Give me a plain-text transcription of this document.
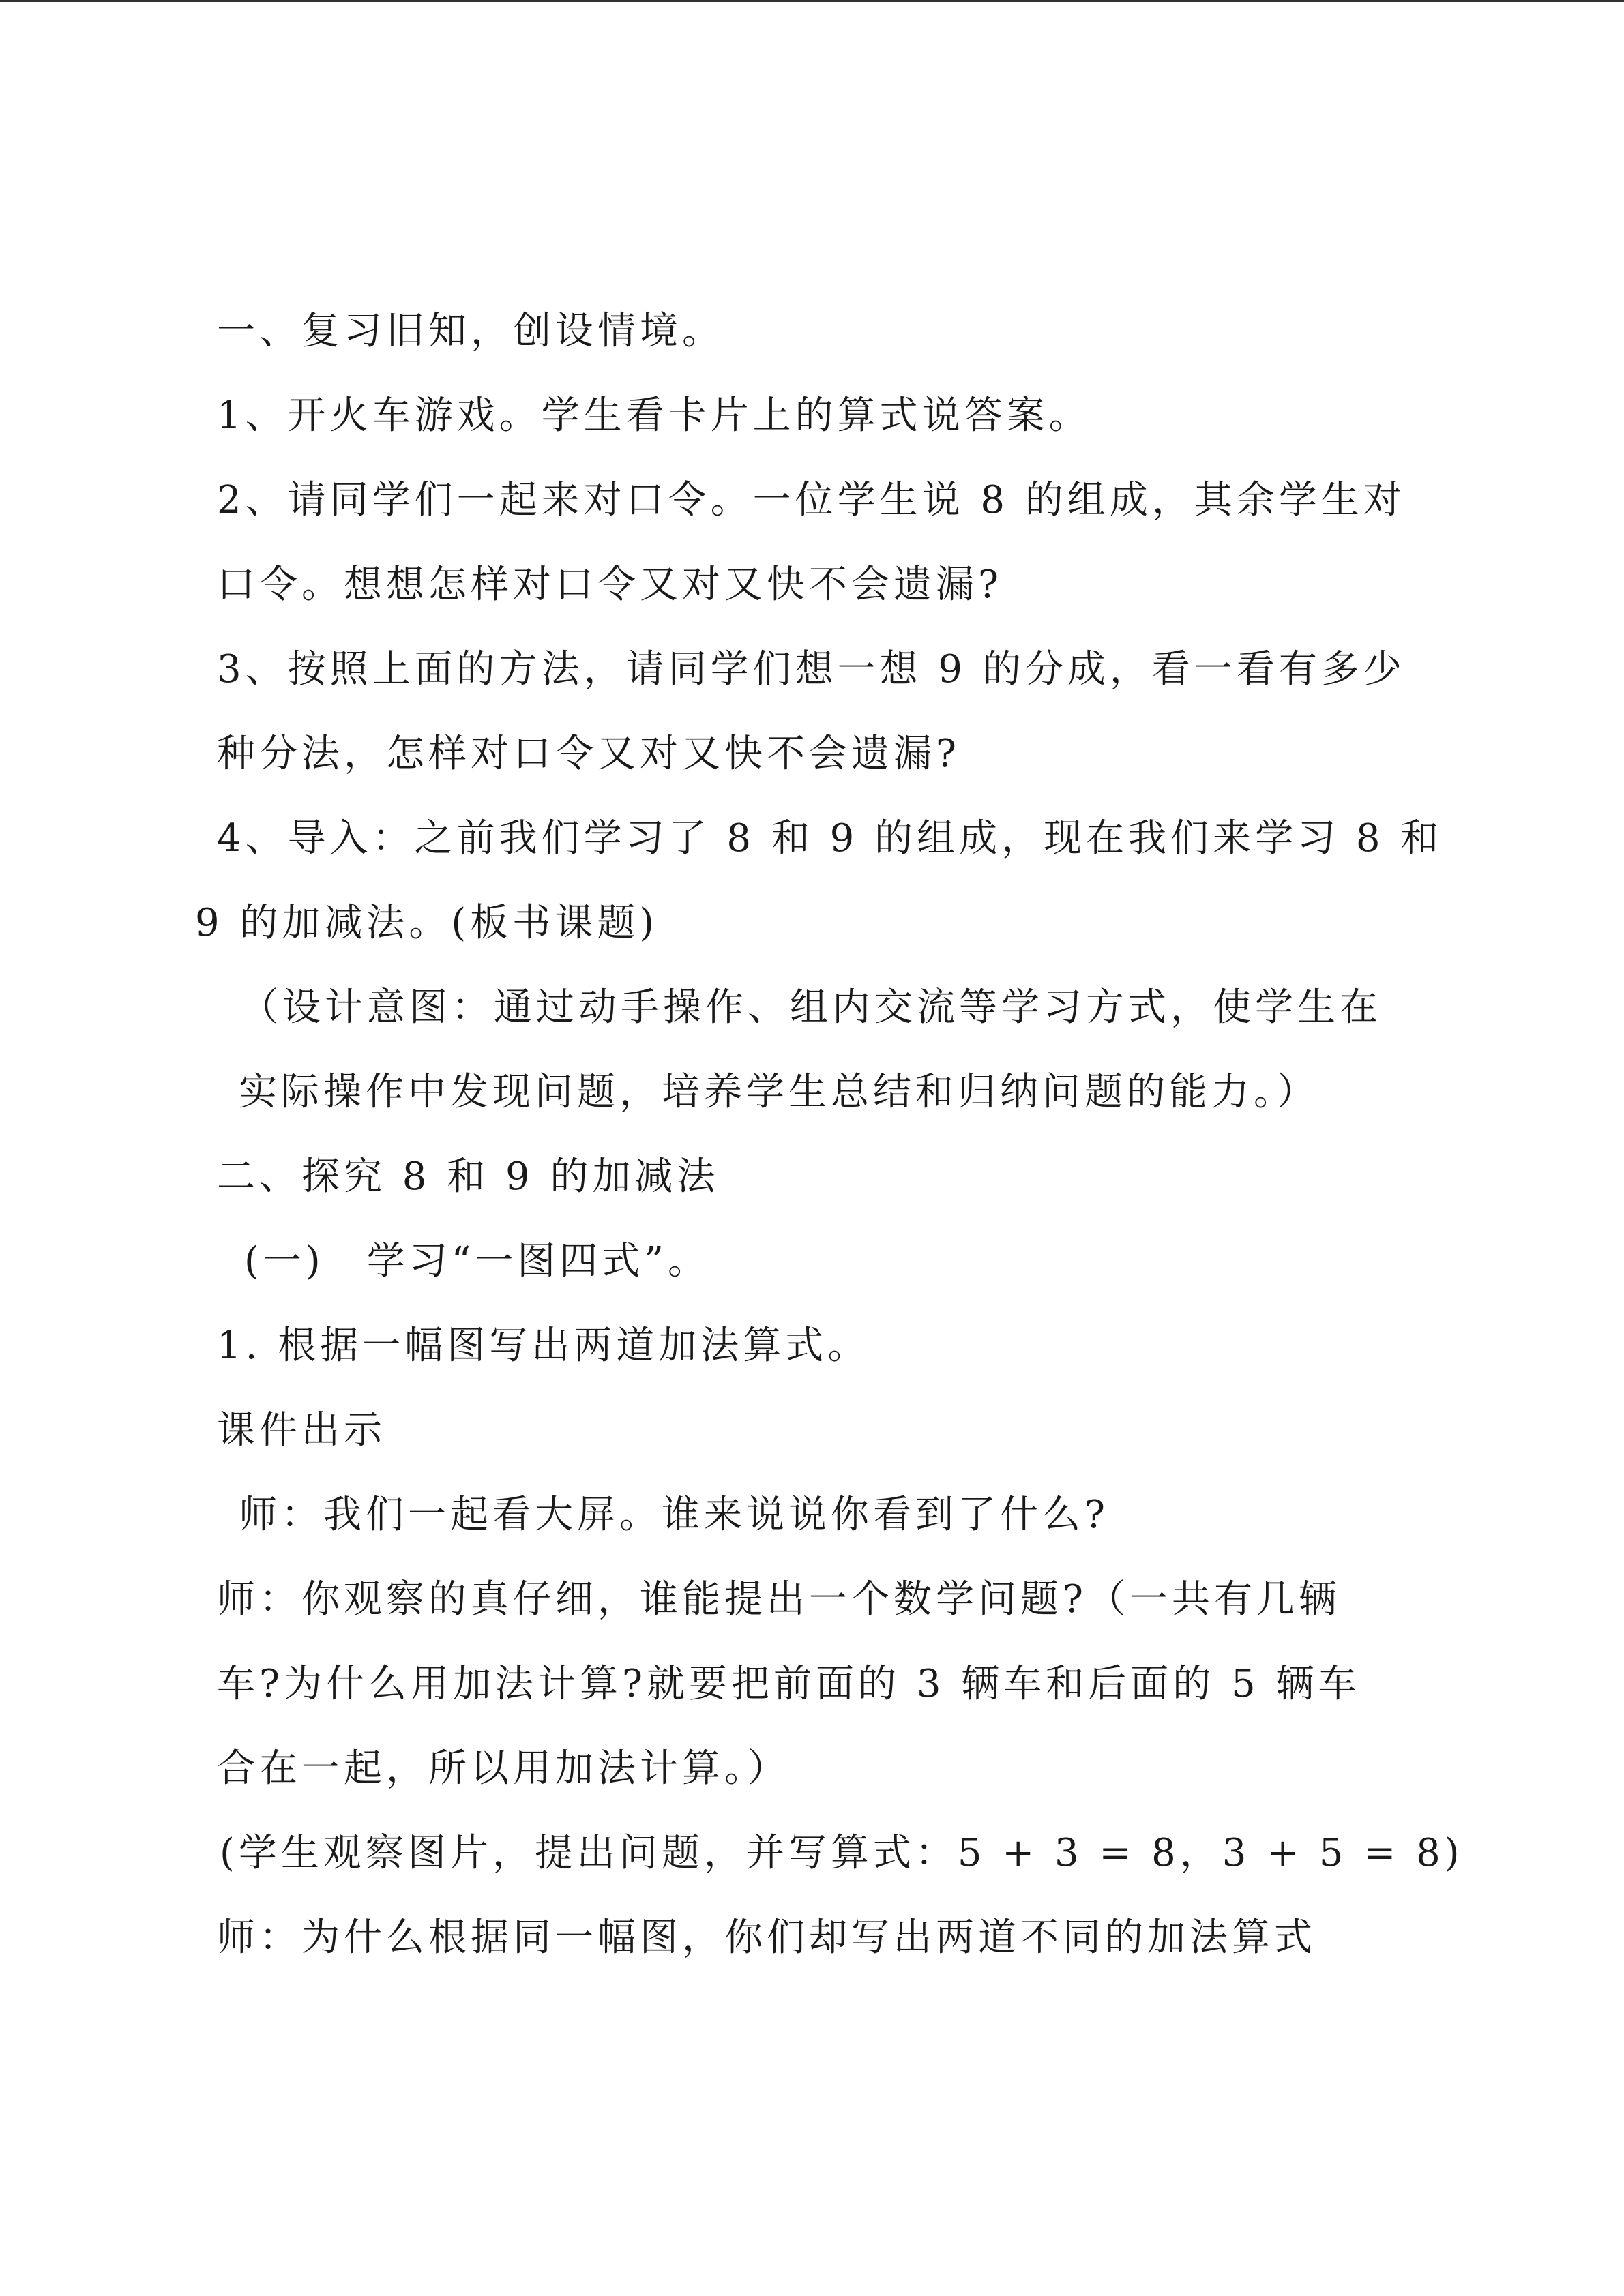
一、复习旧知，创设情境。

1、开火车游戏。学生看卡片上的算式说答案。

2、请同学们一起来对口令。一位学生说 8 的组成，其余学生对

口令。想想怎样对口令又对又快不会遗漏?

3、按照上面的方法，请同学们想一想 9 的分成，看一看有多少

种分法，怎样对口令又对又快不会遗漏?

4、导入：之前我们学习了 8 和 9 的组成，现在我们来学习 8 和

9 的加减法。(板书课题)

（设计意图：通过动手操作、组内交流等学习方式，使学生在

实际操作中发现问题，培养学生总结和归纳问题的能力。）

二、探究 8 和 9 的加减法

(一)　学习“一图四式”。

1. 根据一幅图写出两道加法算式。

课件出示

师：我们一起看大屏。谁来说说你看到了什么?

师：你观察的真仔细，谁能提出一个数学问题?（一共有几辆

车?为什么用加法计算?就要把前面的 3 辆车和后面的 5 辆车

合在一起，所以用加法计算。）

(学生观察图片，提出问题，并写算式：5 + 3 = 8，3 + 5 = 8)

师：为什么根据同一幅图，你们却写出两道不同的加法算式
